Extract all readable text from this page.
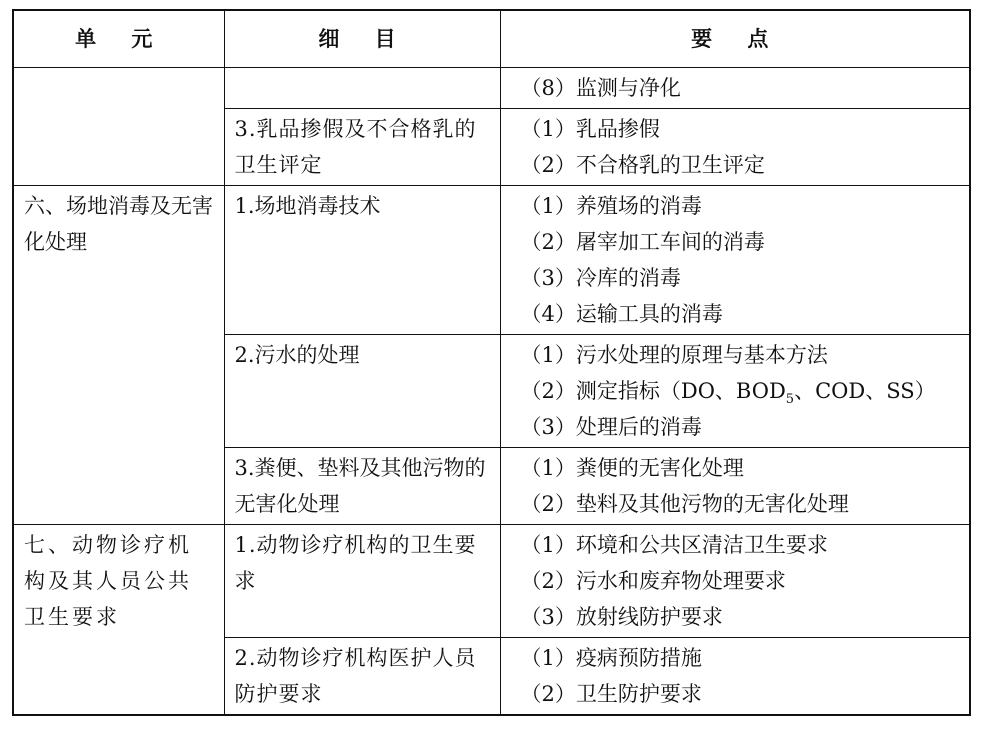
单 元	细 目	要 点

		（8）监测与净化

	3.乳品掺假及不合格乳的卫生评定	（1）乳品掺假
（2）不合格乳的卫生评定

六、场地消毒及无害化处理	1.场地消毒技术	（1）养殖场的消毒
（2）屠宰加工车间的消毒
（3）冷库的消毒
（4）运输工具的消毒

	2.污水的处理	（1）污水处理的原理与基本方法
（2）测定指标（DO、$BOD_5$、COD、SS）
（3）处理后的消毒

	3.粪便、垫料及其他污物的无害化处理	（1）粪便的无害化处理
（2）垫料及其他污物的无害化处理

七、动物诊疗机构及其人员公共卫生要求	1.动物诊疗机构的卫生要求	（1）环境和公共区清洁卫生要求
（2）污水和废弃物处理要求
（3）放射线防护要求

	2.动物诊疗机构医护人员防护要求	（1）疫病预防措施
（2）卫生防护要求
